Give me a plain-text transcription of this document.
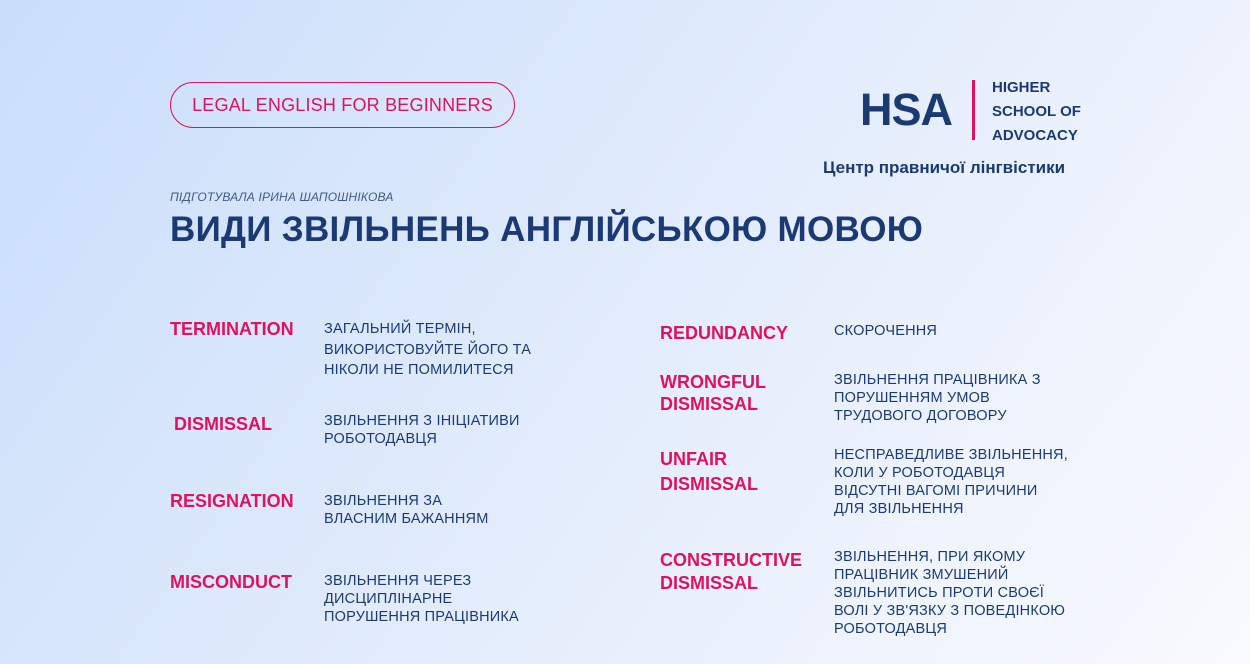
LEGAL ENGLISH FOR BEGINNERS	HSA	HIGHER
SCHOOL OF
ADVOCACY
Центр правничої лінгвістики
ПІДГОТУВАЛА ІРИНА ШАПОШНІКОВА
ВИДИ ЗВІЛЬНЕНЬ АНГЛІЙСЬКОЮ МОВОЮ
TERMINATION ЗАГАЛЬНИЙ ТЕРМІН,
ВИКОРИСТОВУЙТЕ ЙОГО ТА
НІКОЛИ НЕ ПОМИЛИТЕСЯ
DISMISSAL	ЗВІЛЬНЕННЯ З ІНІЦІАТИВИ
РОБОТОДАВЦЯ
RESIGNATION ЗВІЛЬНЕННЯ ЗА
ВЛАСНИМ БАЖАННЯМ
MISCONDUCT ЗВІЛЬНЕННЯ ЧЕРЕЗ
ДИСЦИПЛІНАРНЕ
ПОРУШЕННЯ ПРАЦІВНИКА
REDUNDANCY	СКОРОЧЕННЯ
WRONGFUL
DISMISSAL
ЗВІЛЬНЕННЯ ПРАЦІВНИКА З
ПОРУШЕННЯМ УМОВ
ТРУДОВОГО ДОГОВОРУ
UNFAIR
DISMISSAL
НЕСПРАВЕДЛИВЕ ЗВІЛЬНЕННЯ,
КОЛИ У РОБОТОДАВЦЯ
ВІДСУТНІ ВАГОМІ ПРИЧИНИ
ДЛЯ ЗВІЛЬНЕННЯ
CONSTRUCTIVE
DISMISSAL
ЗВІЛЬНЕННЯ, ПРИ ЯКОМУ
ПРАЦІВНИК ЗМУШЕНИЙ
ЗВІЛЬНИТИСЬ ПРОТИ СВОЄЇ
ВОЛІ У ЗВ'ЯЗКУ З ПОВЕДІНКОЮ
РОБОТОДАВЦЯ
